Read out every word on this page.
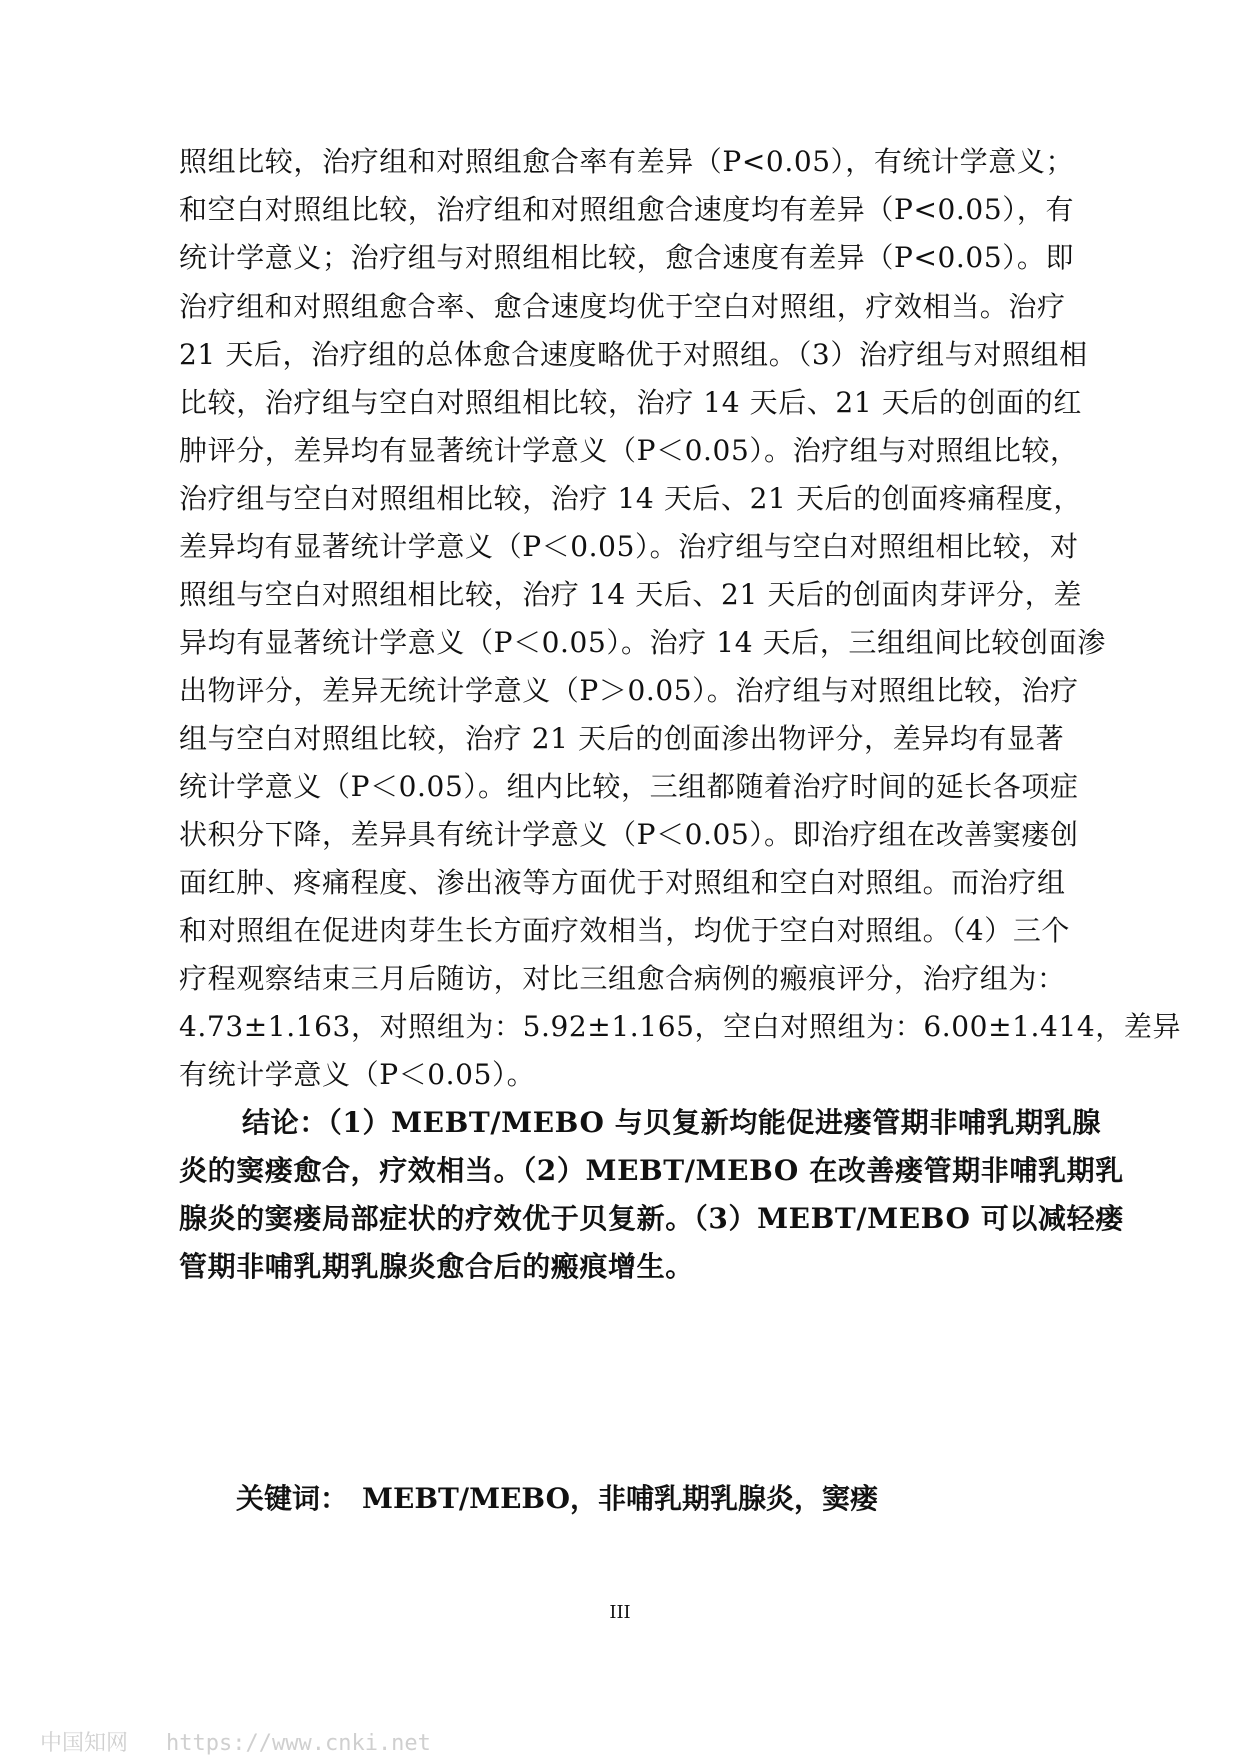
照组比较，治疗组和对照组愈合率有差异（P<0.05），有统计学意义；
和空白对照组比较，治疗组和对照组愈合速度均有差异（P<0.05），有
统计学意义；治疗组与对照组相比较，愈合速度有差异（P<0.05）。即
治疗组和对照组愈合率、愈合速度均优于空白对照组，疗效相当。治疗
21 天后，治疗组的总体愈合速度略优于对照组。（3）治疗组与对照组相
比较，治疗组与空白对照组相比较，治疗 14 天后、21 天后的创面的红
肿评分，差异均有显著统计学意义（P＜0.05）。治疗组与对照组比较，
治疗组与空白对照组相比较，治疗 14 天后、21 天后的创面疼痛程度，
差异均有显著统计学意义（P＜0.05）。治疗组与空白对照组相比较，对
照组与空白对照组相比较，治疗 14 天后、21 天后的创面肉芽评分，差
异均有显著统计学意义（P＜0.05）。治疗 14 天后，三组组间比较创面渗
出物评分，差异无统计学意义（P＞0.05）。治疗组与对照组比较，治疗
组与空白对照组比较，治疗 21 天后的创面渗出物评分，差异均有显著
统计学意义（P＜0.05）。组内比较，三组都随着治疗时间的延长各项症
状积分下降，差异具有统计学意义（P＜0.05）。即治疗组在改善窦瘘创
面红肿、疼痛程度、渗出液等方面优于对照组和空白对照组。而治疗组
和对照组在促进肉芽生长方面疗效相当，均优于空白对照组。（4）三个
疗程观察结束三月后随访，对比三组愈合病例的瘢痕评分，治疗组为：
4.73±1.163，对照组为：5.92±1.165，空白对照组为：6.00±1.414，差异
有统计学意义（P＜0.05）。
结论：（1）MEBT/MEBO 与贝复新均能促进瘘管期非哺乳期乳腺
炎的窦瘘愈合，疗效相当。（2）MEBT/MEBO 在改善瘘管期非哺乳期乳
腺炎的窦瘘局部症状的疗效优于贝复新。（3）MEBT/MEBO 可以减轻瘘
管期非哺乳期乳腺炎愈合后的瘢痕增生。
关键词： MEBT/MEBO，非哺乳期乳腺炎，窦瘘
III
中国知网 https://www.cnki.net
